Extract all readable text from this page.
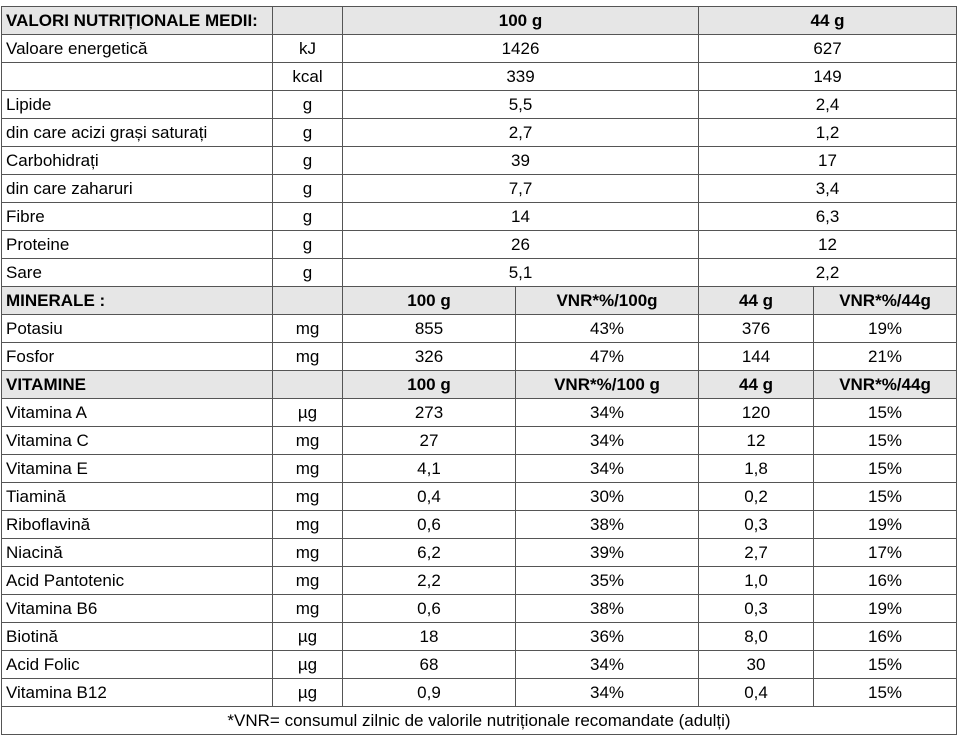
VALORI NUTRIȚIONALE MEDII:		100 g		44 g	
Valoare energetică	kJ	1426		627	
	kcal	339		149	
Lipide	g	5,5		2,4	
din care acizi grași saturați	g	2,7		1,2	
Carbohidrați	g	39		17	
din care zaharuri	g	7,7		3,4	
Fibre	g	14		6,3	
Proteine	g	26		12	
Sare	g	5,1		2,2	
MINERALE :		100 g	VNR*%/100g	44 g	VNR*%/44g
Potasiu	mg	855	43%	376	19%
Fosfor	mg	326	47%	144	21%
VITAMINE		100 g	VNR*%/100 g	44 g	VNR*%/44g
Vitamina A	µg	273	34%	120	15%
Vitamina C	mg	27	34%	12	15%
Vitamina E	mg	4,1	34%	1,8	15%
Tiamină	mg	0,4	30%	0,2	15%
Riboflavină	mg	0,6	38%	0,3	19%
Niacină	mg	6,2	39%	2,7	17%
Acid Pantotenic	mg	2,2	35%	1,0	16%
Vitamina B6	mg	0,6	38%	0,3	19%
Biotină	µg	18	36%	8,0	16%
Acid Folic	µg	68	34%	30	15%
Vitamina B12	µg	0,9	34%	0,4	15%
*VNR= consumul zilnic de valorile nutriționale recomandate (adulți)					
